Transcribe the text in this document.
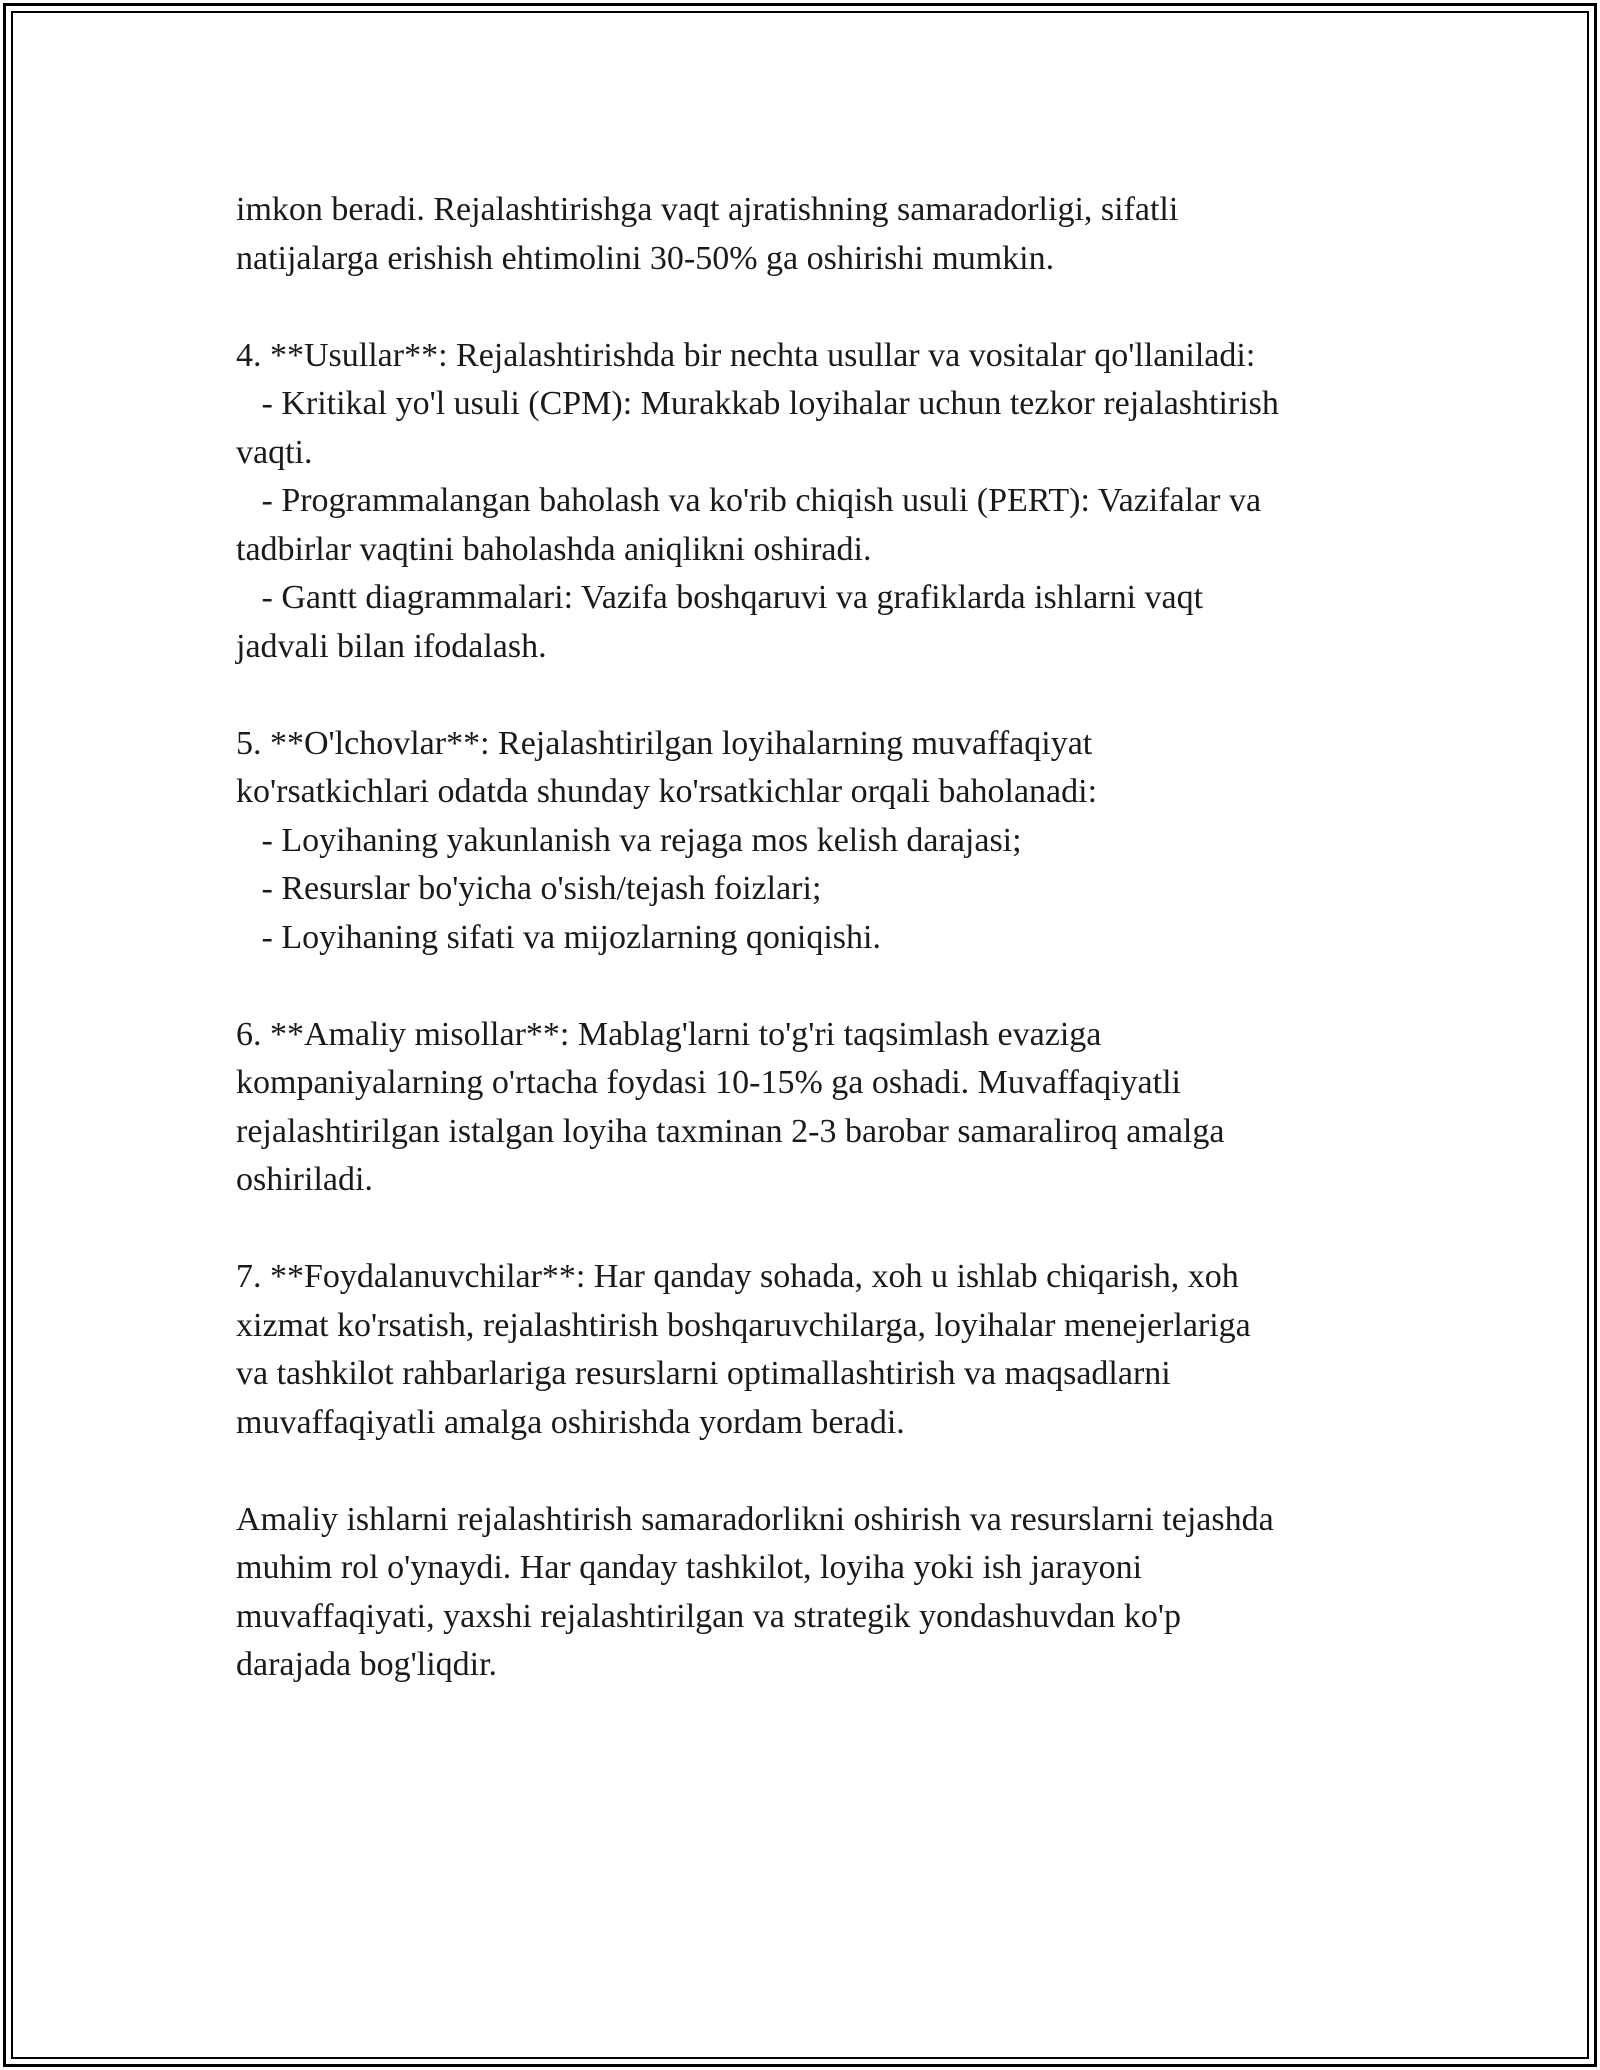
imkon beradi. Rejalashtirishga vaqt ajratishning samaradorligi, sifatli
natijalarga erishish ehtimolini 30-50% ga oshirishi mumkin.
4. **Usullar**: Rejalashtirishda bir nechta usullar va vositalar qo'llaniladi:
- Kritikal yo'l usuli (CPM): Murakkab loyihalar uchun tezkor rejalashtirish
vaqti.
- Programmalangan baholash va ko'rib chiqish usuli (PERT): Vazifalar va
tadbirlar vaqtini baholashda aniqlikni oshiradi.
- Gantt diagrammalari: Vazifa boshqaruvi va grafiklarda ishlarni vaqt
jadvali bilan ifodalash.
5. **O'lchovlar**: Rejalashtirilgan loyihalarning muvaffaqiyat
ko'rsatkichlari odatda shunday ko'rsatkichlar orqali baholanadi:
- Loyihaning yakunlanish va rejaga mos kelish darajasi;
- Resurslar bo'yicha o'sish/tejash foizlari;
- Loyihaning sifati va mijozlarning qoniqishi.
6. **Amaliy misollar**: Mablag'larni to'g'ri taqsimlash evaziga
kompaniyalarning o'rtacha foydasi 10-15% ga oshadi. Muvaffaqiyatli
rejalashtirilgan istalgan loyiha taxminan 2-3 barobar samaraliroq amalga
oshiriladi.
7. **Foydalanuvchilar**: Har qanday sohada, xoh u ishlab chiqarish, xoh
xizmat ko'rsatish, rejalashtirish boshqaruvchilarga, loyihalar menejerlariga
va tashkilot rahbarlariga resurslarni optimallashtirish va maqsadlarni
muvaffaqiyatli amalga oshirishda yordam beradi.
Amaliy ishlarni rejalashtirish samaradorlikni oshirish va resurslarni tejashda
muhim rol o'ynaydi. Har qanday tashkilot, loyiha yoki ish jarayoni
muvaffaqiyati, yaxshi rejalashtirilgan va strategik yondashuvdan ko'p
darajada bog'liqdir.
